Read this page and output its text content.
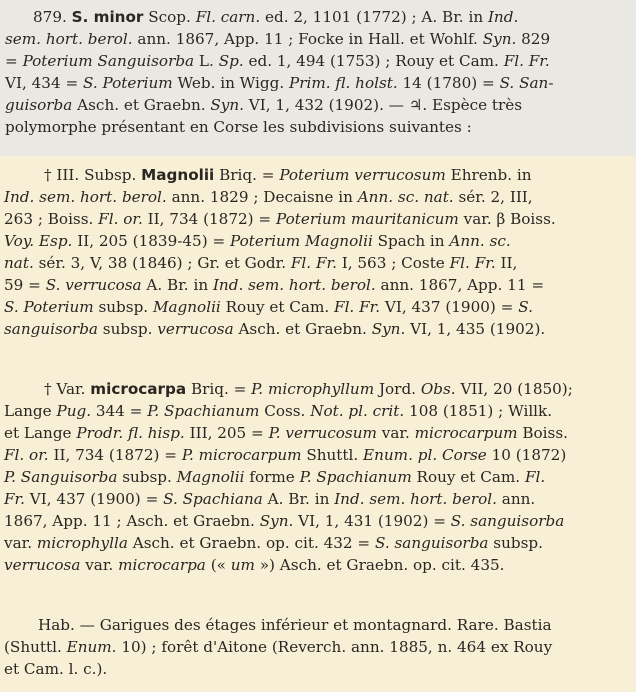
879. S. minor Scop. Fl. carn. ed. 2, 1101 (1772) ; A. Br. in Ind.
sem. hort. berol. ann. 1867, App. 11 ; Focke in Hall. et Wohlf. Syn. 829
= Poterium Sanguisorba L. Sp. ed. 1, 494 (1753) ; Rouy et Cam. Fl. Fr.
VI, 434 = S. Poterium Web. in Wigg. Prim. fl. holst. 14 (1780) = S. San-
guisorba Asch. et Graebn. Syn. VI, 1, 432 (1902). — ♃. Espèce très
polymorphe présentant en Corse les subdivisions suivantes :
† III. Subsp. Magnolii Briq. = Poterium verrucosum Ehrenb. in
Ind. sem. hort. berol. ann. 1829 ; Decaisne in Ann. sc. nat. sér. 2, III,
263 ; Boiss. Fl. or. II, 734 (1872) = Poterium mauritanicum var. β Boiss.
Voy. Esp. II, 205 (1839-45) = Poterium Magnolii Spach in Ann. sc.
nat. sér. 3, V, 38 (1846) ; Gr. et Godr. Fl. Fr. I, 563 ; Coste Fl. Fr. II,
59 = S. verrucosa A. Br. in Ind. sem. hort. berol. ann. 1867, App. 11 =
S. Poterium subsp. Magnolii Rouy et Cam. Fl. Fr. VI, 437 (1900) = S.
sanguisorba subsp. verrucosa Asch. et Graebn. Syn. VI, 1, 435 (1902).
† Var. microcarpa Briq. = P. microphyllum Jord. Obs. VII, 20 (1850);
Lange Pug. 344 = P. Spachianum Coss. Not. pl. crit. 108 (1851) ; Willk.
et Lange Prodr. fl. hisp. III, 205 = P. verrucosum var. microcarpum Boiss.
Fl. or. II, 734 (1872) = P. microcarpum Shuttl. Enum. pl. Corse 10 (1872)
P. Sanguisorba subsp. Magnolii forme P. Spachianum Rouy et Cam. Fl.
Fr. VI, 437 (1900) = S. Spachiana A. Br. in Ind. sem. hort. berol. ann.
1867, App. 11 ; Asch. et Graebn. Syn. VI, 1, 431 (1902) = S. sanguisorba
var. microphylla Asch. et Graebn. op. cit. 432 = S. sanguisorba subsp.
verrucosa var. microcarpa (« um ») Asch. et Graebn. op. cit. 435.
Hab. — Garigues des étages inférieur et montagnard. Rare. Bastia
(Shuttl. Enum. 10) ; forêt d'Aitone (Reverch. ann. 1885, n. 464 ex Rouy
et Cam. l. c.).
